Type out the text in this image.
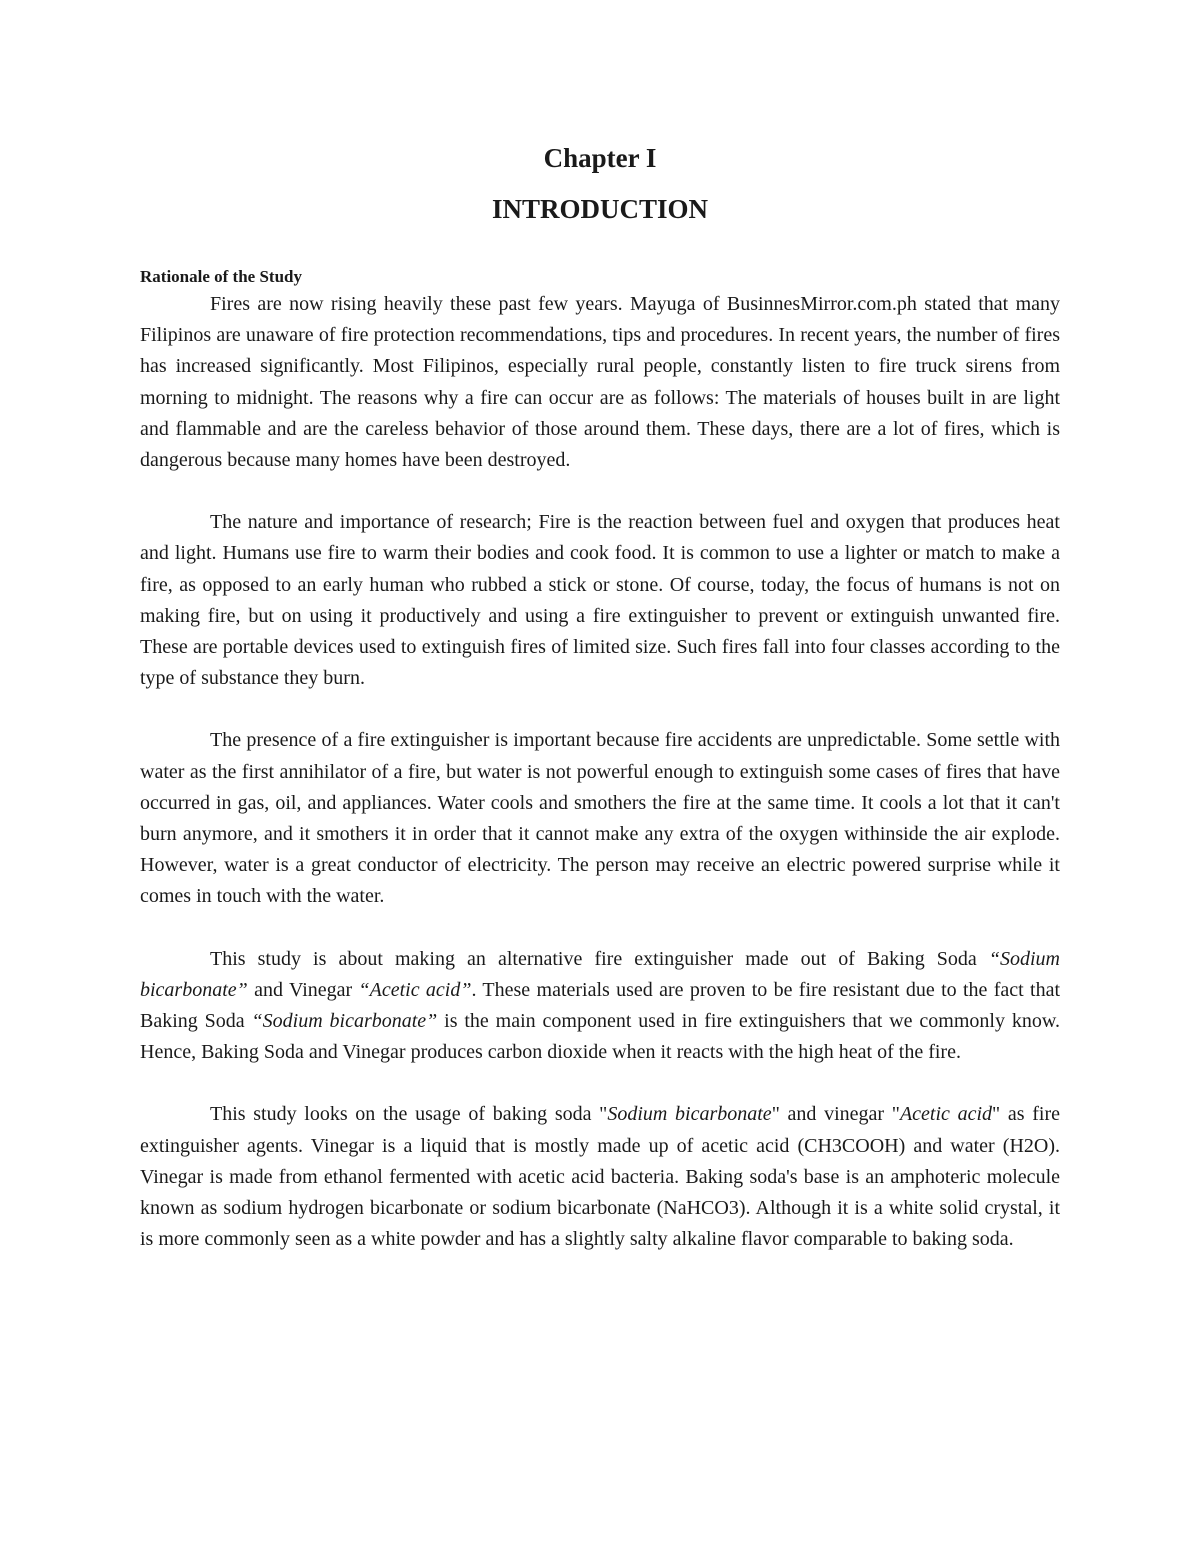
Chapter I
INTRODUCTION
Rationale of the Study

Fires are now rising heavily these past few years. Mayuga of BusinnesMirror.com.ph stated that many Filipinos are unaware of fire protection recommendations, tips and procedures. In recent years, the number of fires has increased significantly. Most Filipinos, especially rural people, constantly listen to fire truck sirens from morning to midnight. The reasons why a fire can occur are as follows: The materials of houses built in are light and flammable and are the careless behavior of those around them. These days, there are a lot of fires, which is dangerous because many homes have been destroyed.

The nature and importance of research; Fire is the reaction between fuel and oxygen that produces heat and light. Humans use fire to warm their bodies and cook food. It is common to use a lighter or match to make a fire, as opposed to an early human who rubbed a stick or stone. Of course, today, the focus of humans is not on making fire, but on using it productively and using a fire extinguisher to prevent or extinguish unwanted fire. These are portable devices used to extinguish fires of limited size. Such fires fall into four classes according to the type of substance they burn.

The presence of a fire extinguisher is important because fire accidents are unpredictable. Some settle with water as the first annihilator of a fire, but water is not powerful enough to extinguish some cases of fires that have occurred in gas, oil, and appliances. Water cools and smothers the fire at the same time. It cools a lot that it can't burn anymore, and it smothers it in order that it cannot make any extra of the oxygen withinside the air explode. However, water is a great conductor of electricity. The person may receive an electric powered surprise while it comes in touch with the water.

This study is about making an alternative fire extinguisher made out of Baking Soda “Sodium bicarbonate” and Vinegar “Acetic acid”. These materials used are proven to be fire resistant due to the fact that Baking Soda “Sodium bicarbonate” is the main component used in fire extinguishers that we commonly know. Hence, Baking Soda and Vinegar produces carbon dioxide when it reacts with the high heat of the fire.

This study looks on the usage of baking soda "Sodium bicarbonate" and vinegar "Acetic acid" as fire extinguisher agents. Vinegar is a liquid that is mostly made up of acetic acid (CH3COOH) and water (H2O). Vinegar is made from ethanol fermented with acetic acid bacteria. Baking soda's base is an amphoteric molecule known as sodium hydrogen bicarbonate or sodium bicarbonate (NaHCO3). Although it is a white solid crystal, it is more commonly seen as a white powder and has a slightly salty alkaline flavor comparable to baking soda.
